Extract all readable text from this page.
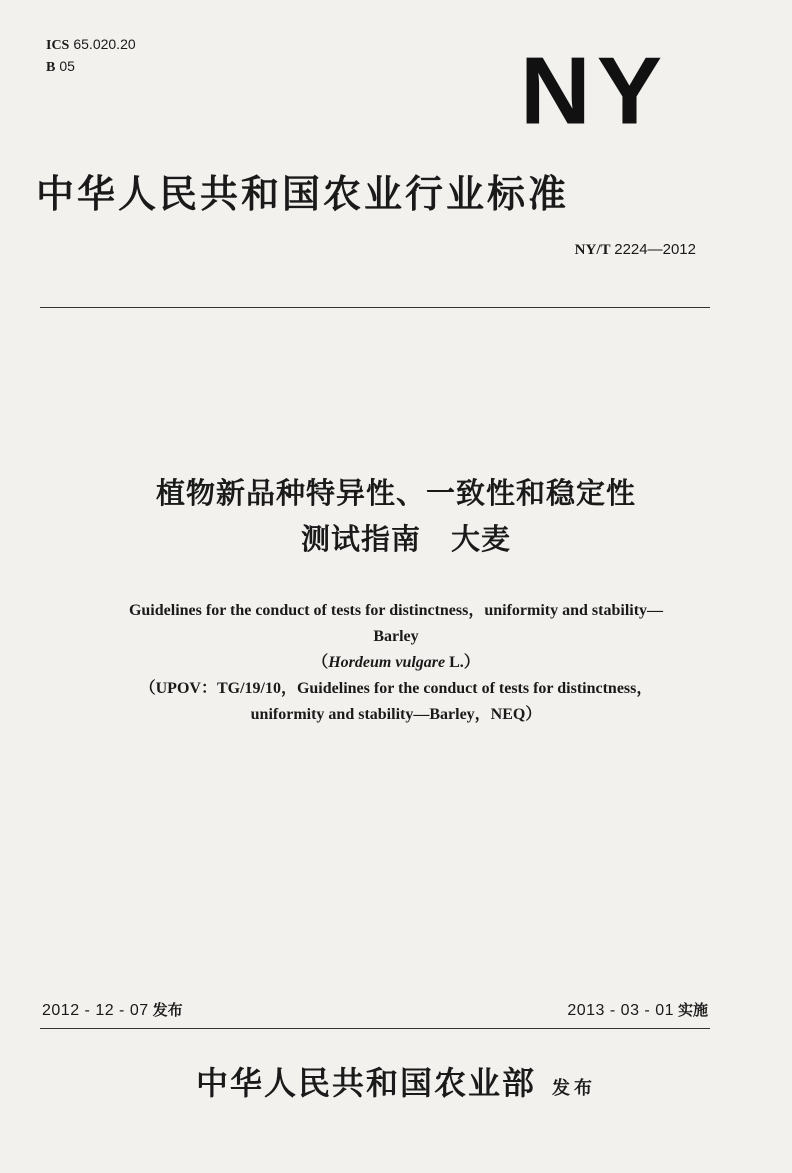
ICS 65.020.20
B 05	NY
中华人民共和国农业行业标准
NY/T 2224—2012
植物新品种特异性、一致性和稳定性
测试指南　大麦
Guidelines for the conduct of tests for distinctness，uniformity and stability—
Barley
（Hordeum vulgare L.）
（UPOV：TG/19/10，Guidelines for the conduct of tests for distinctness，
uniformity and stability—Barley，NEQ）
2012 - 12 - 07 发布	2013 - 03 - 01 实施
中华人民共和国农业部 发布
